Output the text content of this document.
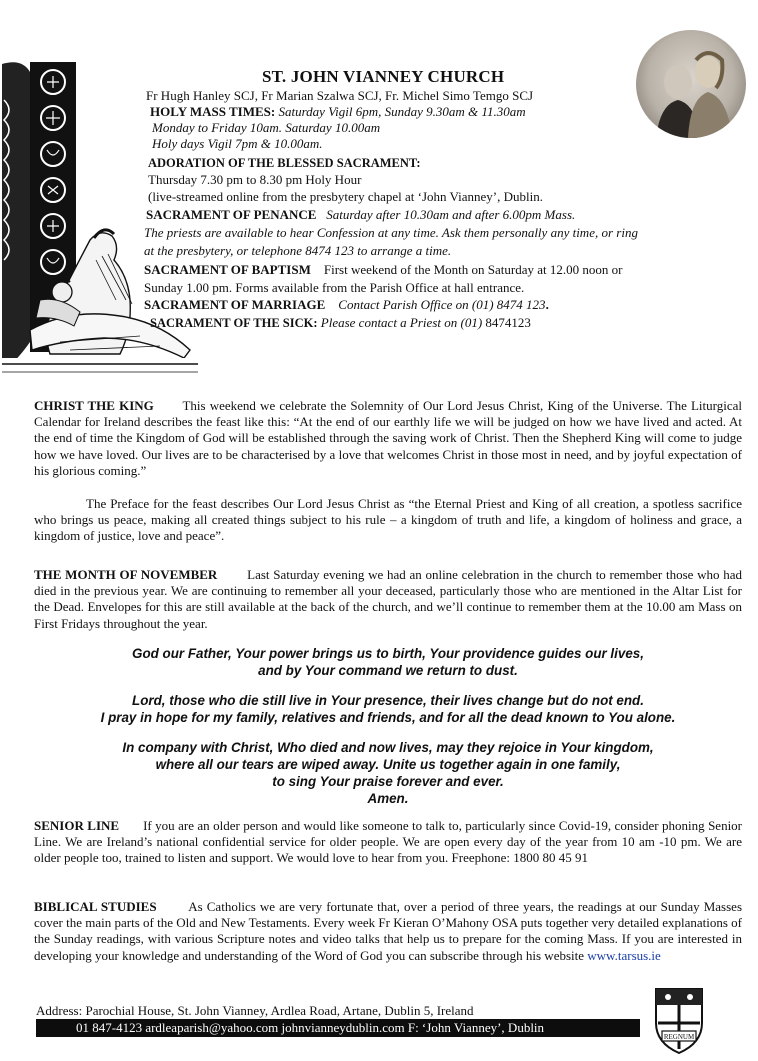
ST. JOHN VIANNEY CHURCH
Fr Hugh Hanley SCJ, Fr Marian Szalwa SCJ, Fr. Michel Simo Temgo SCJ
HOLY MASS TIMES: Saturday Vigil 6pm, Sunday 9.30am & 11.30am
Monday to Friday 10am. Saturday 10.00am
Holy days Vigil 7pm & 10.00am.
ADORATION OF THE BLESSED SACRAMENT:
Thursday 7.30 pm to 8.30 pm Holy Hour
(live-streamed online from the presbytery chapel at ‘John Vianney’, Dublin.
SACRAMENT OF PENANCE Saturday after 10.30am and after 6.00pm Mass.
The priests are available to hear Confession at any time. Ask them personally any time, or ring
at the presbytery, or telephone 8474 123 to arrange a time.
SACRAMENT OF BAPTISM First weekend of the Month on Saturday at 12.00 noon or
Sunday 1.00 pm. Forms available from the Parish Office at hall entrance.
SACRAMENT OF MARRIAGE Contact Parish Office on (01) 8474 123.
SACRAMENT OF THE SICK: Please contact a Priest on (01) 8474123
CHRIST THE KING This weekend we celebrate the Solemnity of Our Lord Jesus Christ, King of the Universe. The Liturgical Calendar for Ireland describes the feast like this: “At the end of our earthly life we will be judged on how we have lived and acted. At the end of time the Kingdom of God will be established through the saving work of Christ. Then the Shepherd King will come to judge how we have loved. Our lives are to be characterised by a love that welcomes Christ in those most in need, and by joyful expectation of his glorious coming.”
The Preface for the feast describes Our Lord Jesus Christ as “the Eternal Priest and King of all creation, a spotless sacrifice who brings us peace, making all created things subject to his rule – a kingdom of truth and life, a kingdom of holiness and grace, a kingdom of justice, love and peace”.
THE MONTH OF NOVEMBER Last Saturday evening we had an online celebration in the church to remember those who had died in the previous year. We are continuing to remember all your deceased, particularly those who are mentioned in the Altar List for the Dead. Envelopes for this are still available at the back of the church, and we’ll continue to remember them at the 10.00 am Mass on First Fridays throughout the year.
God our Father, Your power brings us to birth, Your providence guides our lives,
and by Your command we return to dust.
Lord, those who die still live in Your presence, their lives change but do not end.
I pray in hope for my family, relatives and friends, and for all the dead known to You alone.
In company with Christ, Who died and now lives, may they rejoice in Your kingdom,
where all our tears are wiped away. Unite us together again in one family,
to sing Your praise forever and ever.
Amen.
SENIOR LINE If you are an older person and would like someone to talk to, particularly since Covid-19, consider phoning Senior Line. We are Ireland’s national confidential service for older people. We are open every day of the year from 10 am -10 pm. We are older people too, trained to listen and support. We would love to hear from you. Freephone: 1800 80 45 91
BIBLICAL STUDIES As Catholics we are very fortunate that, over a period of three years, the readings at our Sunday Masses cover the main parts of the Old and New Testaments. Every week Fr Kieran O’Mahony OSA puts together very detailed explanations of the Sunday readings, with various Scripture notes and video talks that help us to prepare for the coming Mass. If you are interested in developing your knowledge and understanding of the Word of God you can subscribe through his website www.tarsus.ie
Address: Parochial House, St. John Vianney, Ardlea Road, Artane, Dublin 5, Ireland
01 847-4123 ardleaparish@yahoo.com johnvianneydublin.com F: ‘John Vianney’, Dublin
REGNUM
